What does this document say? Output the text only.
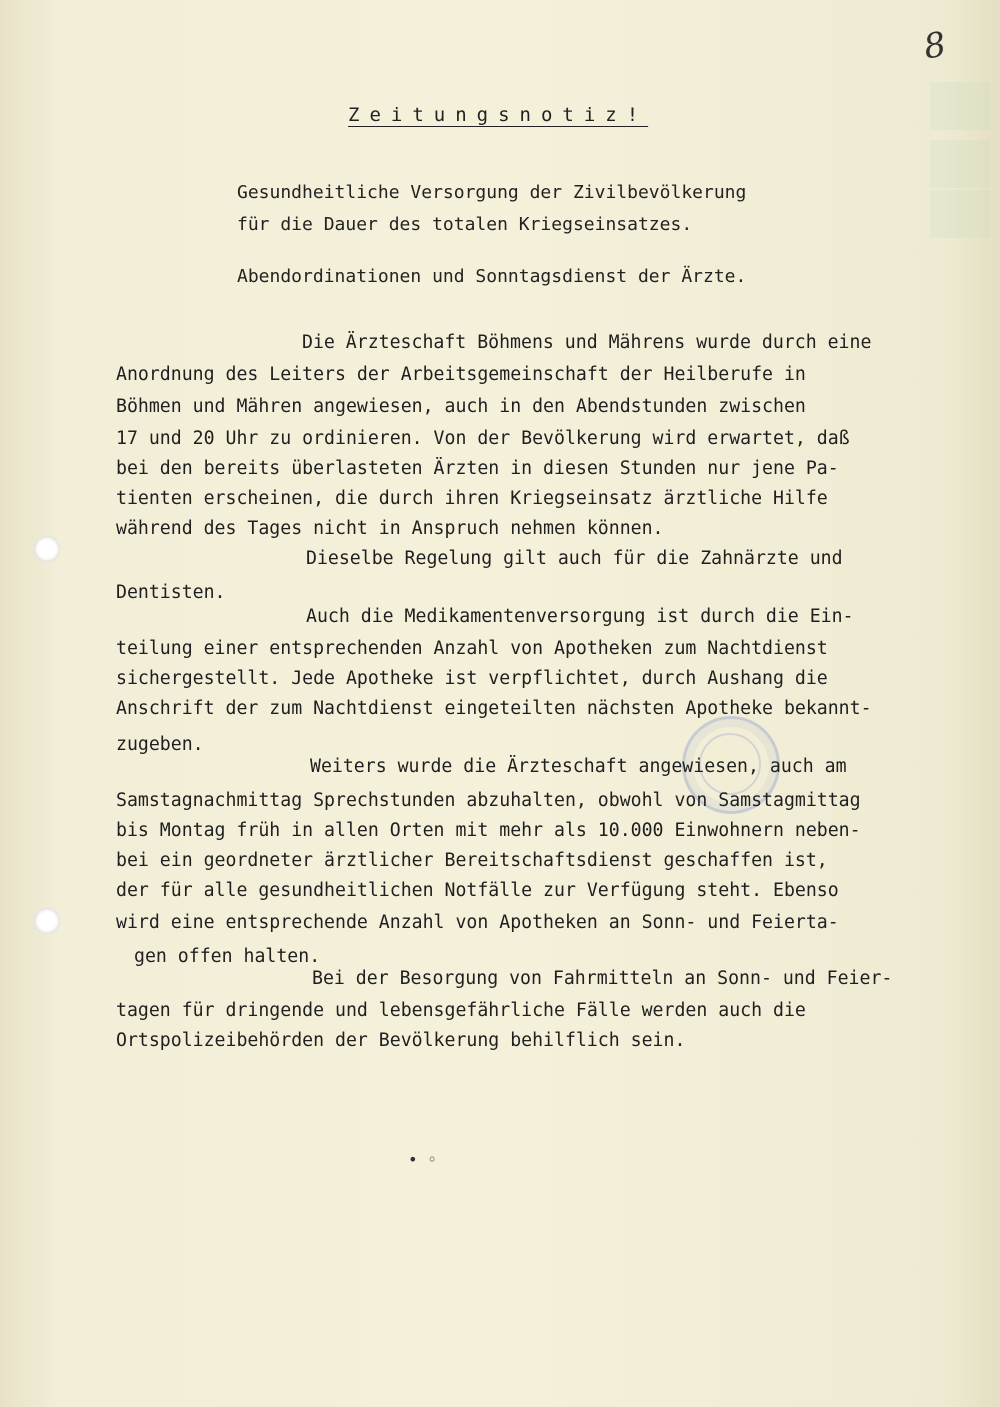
8
Zeitungsnotiz!
Gesundheitliche Versorgung der Zivilbevölkerung
für die Dauer des totalen Kriegseinsatzes.
Abendordinationen und Sonntagsdienst der Ärzte.
Die Ärzteschaft Böhmens und Mährens wurde durch eine
Anordnung des Leiters der Arbeitsgemeinschaft der Heilberufe in
Böhmen und Mähren angewiesen, auch in den Abendstunden zwischen
17 und 20 Uhr zu ordinieren. Von der Bevölkerung wird erwartet, daß
bei den bereits überlasteten Ärzten in diesen Stunden nur jene Pa-
tienten erscheinen, die durch ihren Kriegseinsatz ärztliche Hilfe
während des Tages nicht in Anspruch nehmen können.
Dieselbe Regelung gilt auch für die Zahnärzte und
Dentisten.
Auch die Medikamentenversorgung ist durch die Ein-
teilung einer entsprechenden Anzahl von Apotheken zum Nachtdienst
sichergestellt. Jede Apotheke ist verpflichtet, durch Aushang die
Anschrift der zum Nachtdienst eingeteilten nächsten Apotheke bekannt-
zugeben.
Weiters wurde die Ärzteschaft angewiesen, auch am
Samstagnachmittag Sprechstunden abzuhalten, obwohl von Samstagmittag
bis Montag früh in allen Orten mit mehr als 10.000 Einwohnern neben-
bei ein geordneter ärztlicher Bereitschaftsdienst geschaffen ist,
der für alle gesundheitlichen Notfälle zur Verfügung steht. Ebenso
wird eine entsprechende Anzahl von Apotheken an Sonn- und Feierta-
gen offen halten.
Bei der Besorgung von Fahrmitteln an Sonn- und Feier-
tagen für dringende und lebensgefährliche Fälle werden auch die
Ortspolizeibehörden der Bevölkerung behilflich sein.
• ◦
